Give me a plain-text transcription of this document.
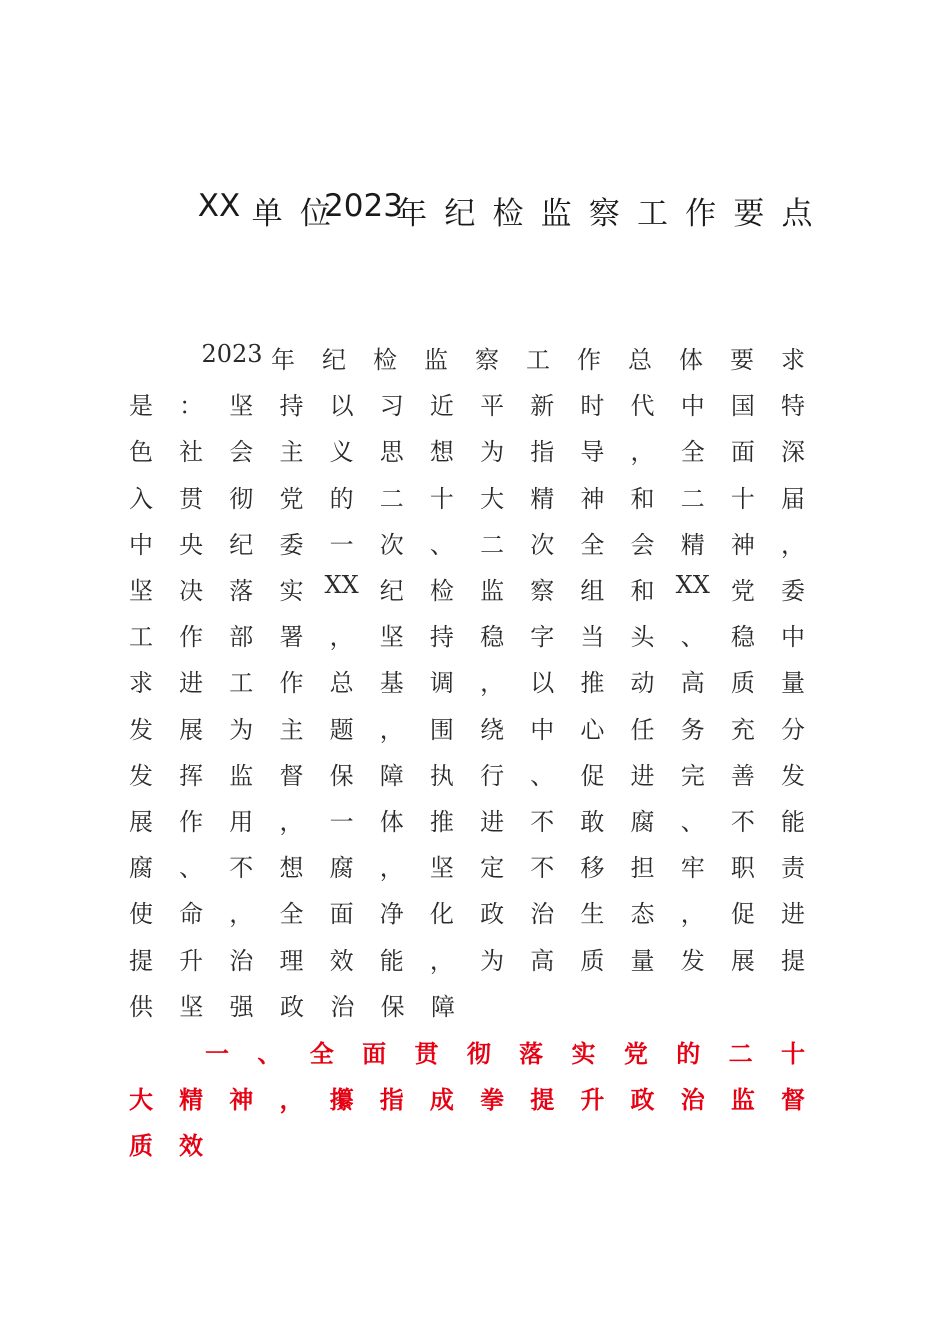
XX 单 位
2023
年 纪 检 监 察 工 作 要 点
2023 年 纪 检 监 察 工 作 总 体 要 求
是 ： 坚 持 以 习 近 平 新 时 代 中 国 特
色 社 会 主 义 思 想 为 指 导 ， 全 面 深
入 贯 彻 党 的 二 十 大 精 神 和 二 十 届
中 央 纪 委 一 次 、 二 次 全 会 精 神 ，
坚 决 落 实 XX 纪 检 监 察 组 和 XX 党 委
工 作 部 署 ， 坚 持 稳 字 当 头 、 稳 中
求 进 工 作 总 基 调 ， 以 推 动 高 质 量
发 展 为 主 题 ， 围 绕 中 心 任 务 充 分
发 挥 监 督 保 障 执 行 、 促 进 完 善 发
展 作 用 ， 一 体 推 进 不 敢 腐 、 不 能
腐 、 不 想 腐 ， 坚 定 不 移 担 牢 职 责
使 命 ， 全 面 净 化 政 治 生 态 ， 促 进
提 升 治 理 效 能 ， 为 高 质 量 发 展 提
供 坚 强 政 治 保 障
一 、 全 面 贯 彻 落 实 党 的 二 十
大 精 神 ， 攥 指 成 拳 提 升 政 治 监 督
质 效
